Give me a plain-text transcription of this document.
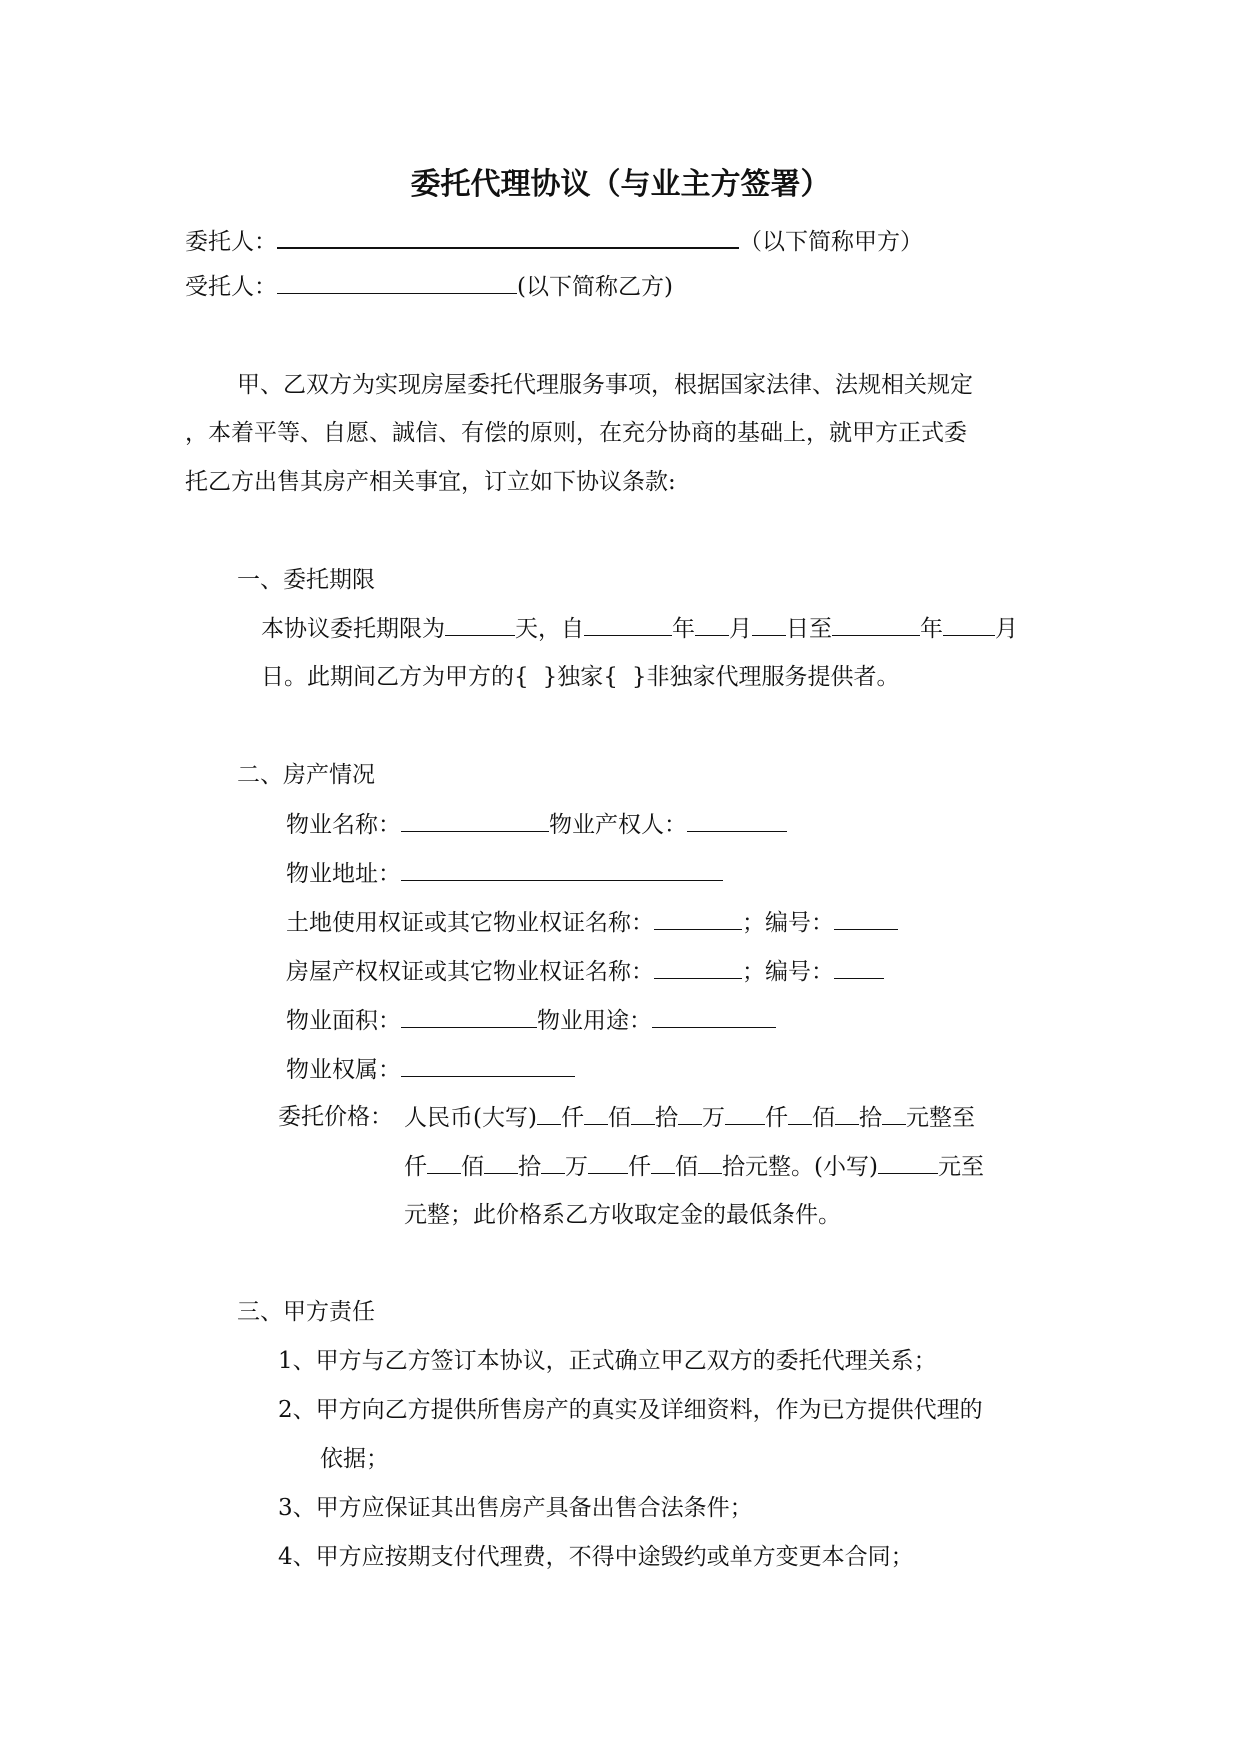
委托代理协议（与业主方签署）
委托人：	（以下简称甲方）
受托人：	(以下简称乙方)
甲、乙双方为实现房屋委托代理服务事项，根据国家法律、法规相关规定
，本着平等、自愿、誠信、有偿的原则，在充分协商的基础上，就甲方正式委
托乙方出售其房产相关事宜，订立如下协议条款:
一、委托期限
本协议委托期限为	天，自	年 月 日至	年 月
日。此期间乙方为甲方的{ }独家{ }非独家代理服务提供者。
二、房产情况
物业名称：	物业产权人：
物业地址：
土地使用权证或其它物业权证名称：	；编号：
房屋产权权证或其它物业权证名称：	；编号：
物业面积：	物业用途：
物业权属：
委托价格： 人民币(大写) 仟 佰 拾 万 仟 佰 拾 元整至
仟 佰 拾 万 仟 佰 拾元整。(小写)	元至
元整；此价格系乙方收取定金的最低条件。
三、甲方责任
1、甲方与乙方签订本协议，正式确立甲乙双方的委托代理关系；
2、甲方向乙方提供所售房产的真实及详细资料，作为已方提供代理的
依据；
3、甲方应保证其出售房产具备出售合法条件；
4、甲方应按期支付代理费，不得中途毁约或单方变更本合同；
